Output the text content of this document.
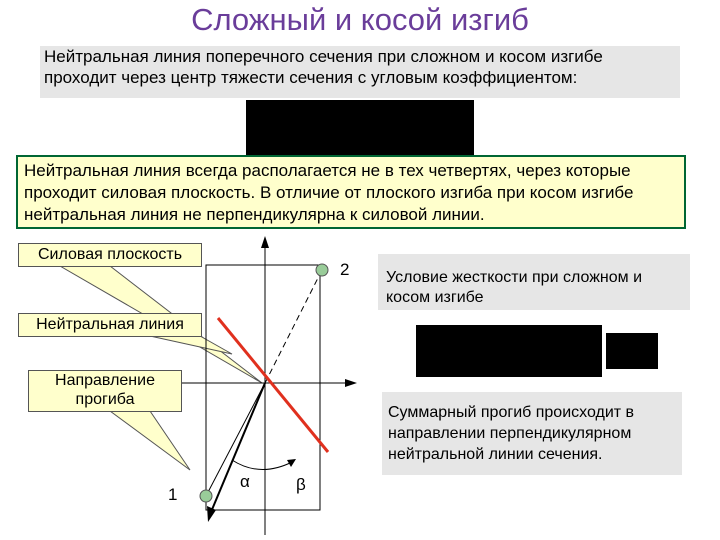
Сложный и косой изгиб
Нейтральная линия поперечного сечения при сложном и косом изгибе
проходит через центр тяжести сечения с угловым коэффициентом:
Нейтральная линия всегда располагается не в тех четвертях, через которые
проходит силовая плоскость. В отличие от плоского изгиба при косом изгибе
нейтральная линия не перпендикулярна к силовой линии.
2
1
α	β
Силовая плоскость
Нейтральная линия
Направление
прогиба
Условие жесткости при сложном и
косом изгибе
Суммарный прогиб происходит в
направлении перпендикулярном
нейтральной линии сечения.
